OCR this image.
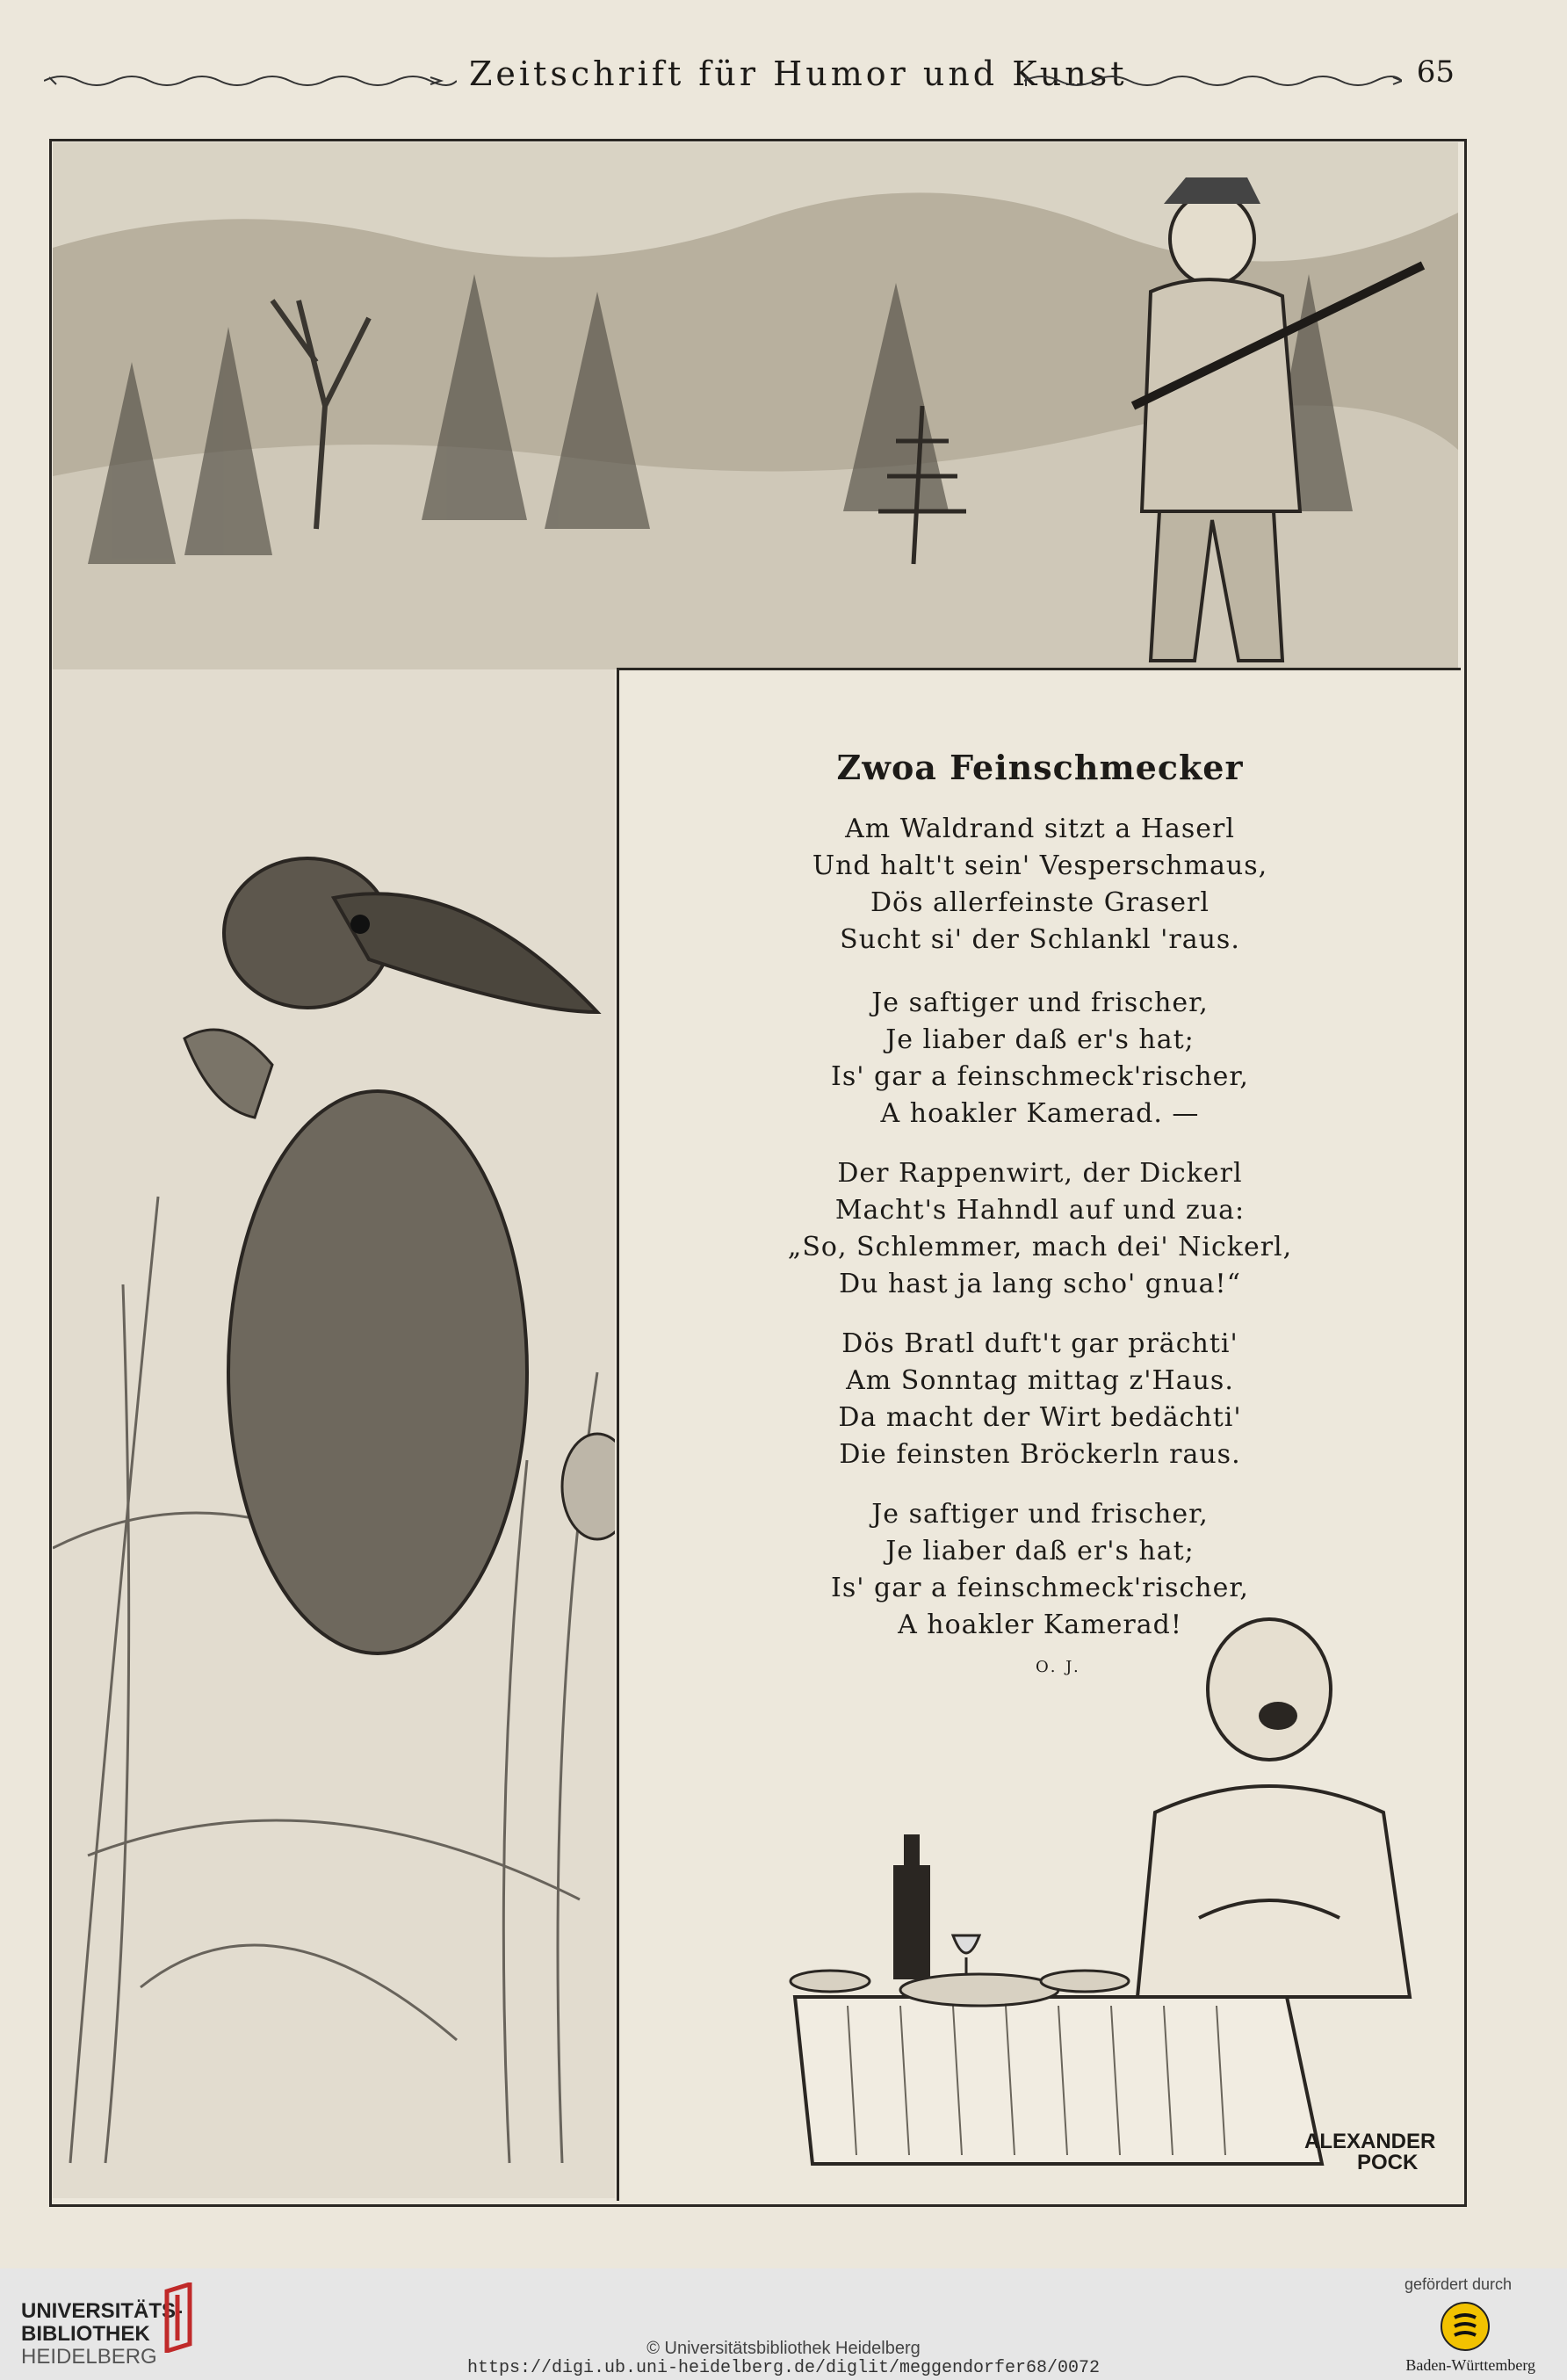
Zeitschrift für Humor und Kunst	65
Zwoa Feinschmecker
Am Waldrand sitzt a Haserl
Und halt't sein' Vesperschmaus,
Dös allerfeinste Graserl
Sucht si' der Schlankl 'raus.
Je saftiger und frischer,
Je liaber daß er's hat;
Is' gar a feinschmeck'rischer,
A hoakler Kamerad. —
Der Rappenwirt, der Dickerl
Macht's Hahndl auf und zua:
„So, Schlemmer, mach dei' Nickerl,
Du hast ja lang scho' gnua!“
Dös Bratl duft't gar prächti'
Am Sonntag mittag z'Haus.
Da macht der Wirt bedächti'
Die feinsten Bröckerln raus.
Je saftiger und frischer,
Je liaber daß er's hat;
Is' gar a feinschmeck'rischer,
A hoakler Kamerad!
O. J.
ALEXANDER
POCK
UNIVERSITÄTS-
BIBLIOTHEK
HEIDELBERG	© Universitätsbibliothek Heidelberg
https://digi.ub.uni-heidelberg.de/diglit/meggendorfer68/0072
gefördert durch
Baden-Württemberg
